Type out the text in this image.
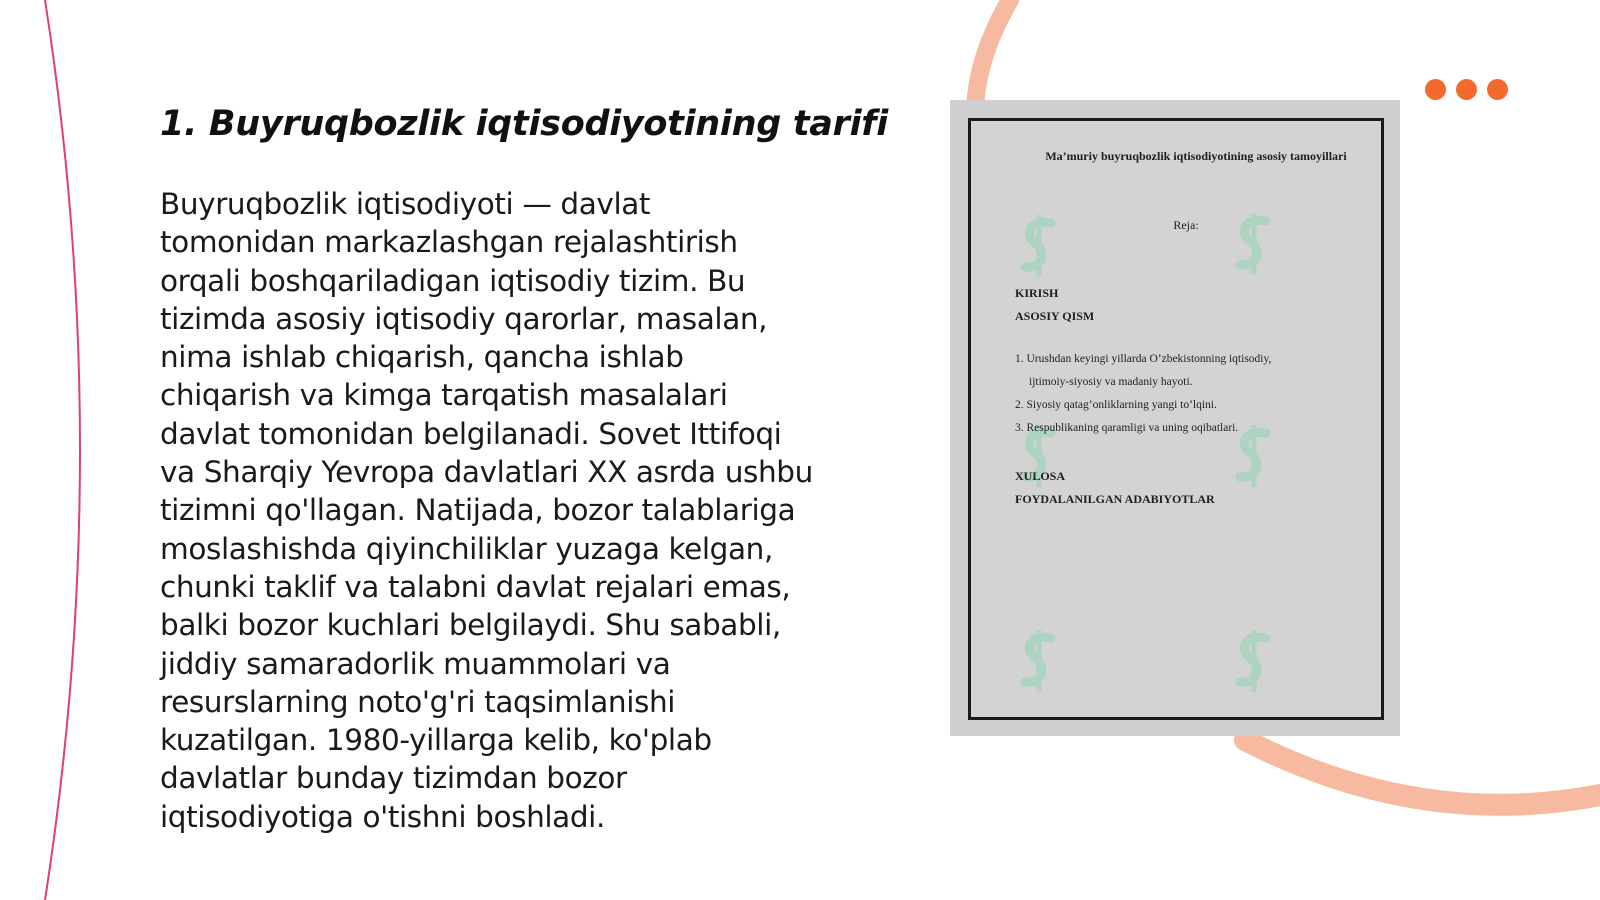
1. Buyruqbozlik iqtisodiyotining tarifi
Buyruqbozlik iqtisodiyoti — davlat
tomonidan markazlashgan rejalashtirish
orqali boshqariladigan iqtisodiy tizim. Bu
tizimda asosiy iqtisodiy qarorlar, masalan,
nima ishlab chiqarish, qancha ishlab
chiqarish va kimga tarqatish masalalari
davlat tomonidan belgilanadi. Sovet Ittifoqi
va Sharqiy Yevropa davlatlari XX asrda ushbu
tizimni qo'llagan. Natijada, bozor talablariga
moslashishda qiyinchiliklar yuzaga kelgan,
chunki taklif va talabni davlat rejalari emas,
balki bozor kuchlari belgilaydi. Shu sababli,
jiddiy samaradorlik muammolari va
resurslarning noto'g'ri taqsimlanishi
kuzatilgan. 1980-yillarga kelib, ko'plab
davlatlar bunday tizimdan bozor
iqtisodiyotiga o'tishni boshladi.
Ma’muriy buyruqbozlik iqtisodiyotining asosiy tamoyillari
Reja:
KIRISH
ASOSIY QISM
1. Urushdan keyingi yillarda O’zbekistonning iqtisodiy,
ijtimoiy-siyosiy va madaniy hayoti.
2. Siyosiy qatag’onliklarning yangi to’lqini.
3. Respublikaning qaramligi va uning oqibatlari.
XULOSA
FOYDALANILGAN ADABIYOTLAR
